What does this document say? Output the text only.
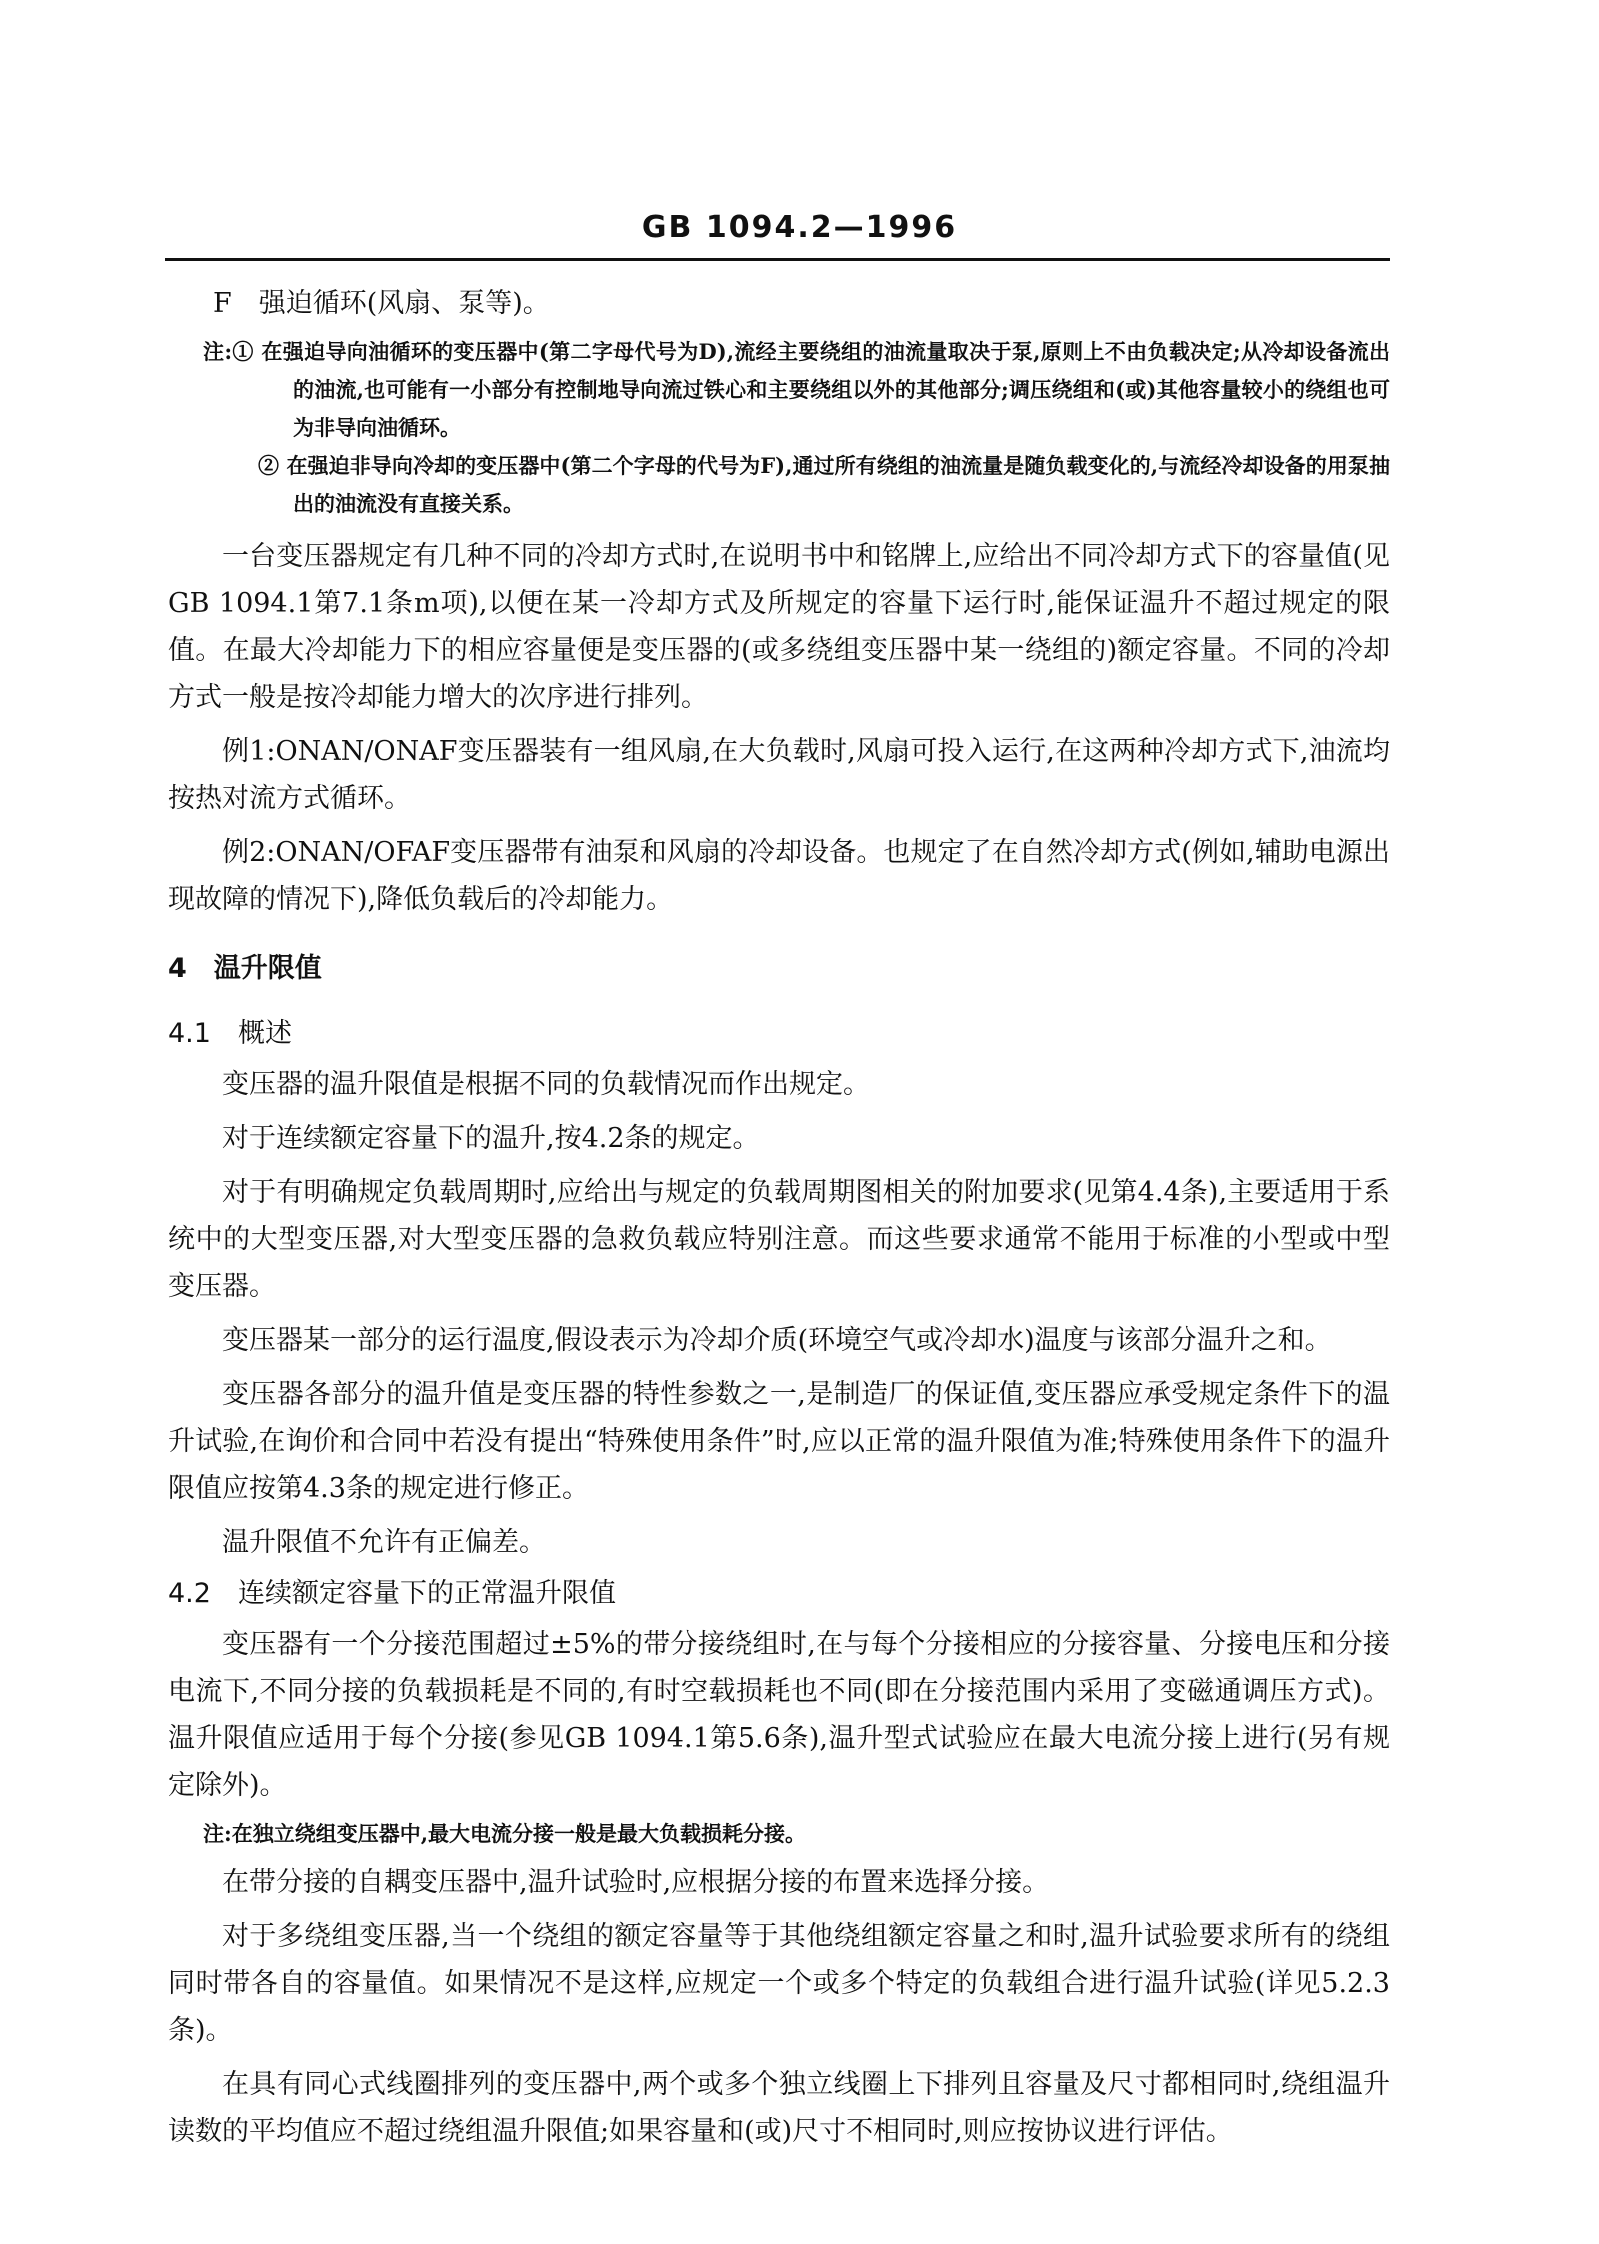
GB 1094.2—1996

F　强迫循环(风扇、泵等)。

注:① 在强迫导向油循环的变压器中(第二字母代号为D),流经主要绕组的油流量取决于泵,原则上不由负载决定;从冷却设备流出的油流,也可能有一小部分有控制地导向流过铁心和主要绕组以外的其他部分;调压绕组和(或)其他容量较小的绕组也可为非导向油循环。

② 在强迫非导向冷却的变压器中(第二个字母的代号为F),通过所有绕组的油流量是随负载变化的,与流经冷却设备的用泵抽出的油流没有直接关系。

一台变压器规定有几种不同的冷却方式时,在说明书中和铭牌上,应给出不同冷却方式下的容量值(见GB 1094.1第7.1条m项),以便在某一冷却方式及所规定的容量下运行时,能保证温升不超过规定的限值。在最大冷却能力下的相应容量便是变压器的(或多绕组变压器中某一绕组的)额定容量。不同的冷却方式一般是按冷却能力增大的次序进行排列。

例1:ONAN/ONAF变压器装有一组风扇,在大负载时,风扇可投入运行,在这两种冷却方式下,油流均按热对流方式循环。

例2:ONAN/OFAF变压器带有油泵和风扇的冷却设备。也规定了在自然冷却方式(例如,辅助电源出现故障的情况下),降低负载后的冷却能力。

4　温升限值

4.1　概述

变压器的温升限值是根据不同的负载情况而作出规定。

对于连续额定容量下的温升,按4.2条的规定。

对于有明确规定负载周期时,应给出与规定的负载周期图相关的附加要求(见第4.4条),主要适用于系统中的大型变压器,对大型变压器的急救负载应特别注意。而这些要求通常不能用于标准的小型或中型变压器。

变压器某一部分的运行温度,假设表示为冷却介质(环境空气或冷却水)温度与该部分温升之和。

变压器各部分的温升值是变压器的特性参数之一,是制造厂的保证值,变压器应承受规定条件下的温升试验,在询价和合同中若没有提出“特殊使用条件”时,应以正常的温升限值为准;特殊使用条件下的温升限值应按第4.3条的规定进行修正。

温升限值不允许有正偏差。

4.2　连续额定容量下的正常温升限值

变压器有一个分接范围超过±5%的带分接绕组时,在与每个分接相应的分接容量、分接电压和分接电流下,不同分接的负载损耗是不同的,有时空载损耗也不同(即在分接范围内采用了变磁通调压方式)。温升限值应适用于每个分接(参见GB 1094.1第5.6条),温升型式试验应在最大电流分接上进行(另有规定除外)。

注:在独立绕组变压器中,最大电流分接一般是最大负载损耗分接。

在带分接的自耦变压器中,温升试验时,应根据分接的布置来选择分接。

对于多绕组变压器,当一个绕组的额定容量等于其他绕组额定容量之和时,温升试验要求所有的绕组同时带各自的容量值。如果情况不是这样,应规定一个或多个特定的负载组合进行温升试验(详见5.2.3条)。

在具有同心式线圈排列的变压器中,两个或多个独立线圈上下排列且容量及尺寸都相同时,绕组温升读数的平均值应不超过绕组温升限值;如果容量和(或)尺寸不相同时,则应按协议进行评估。
